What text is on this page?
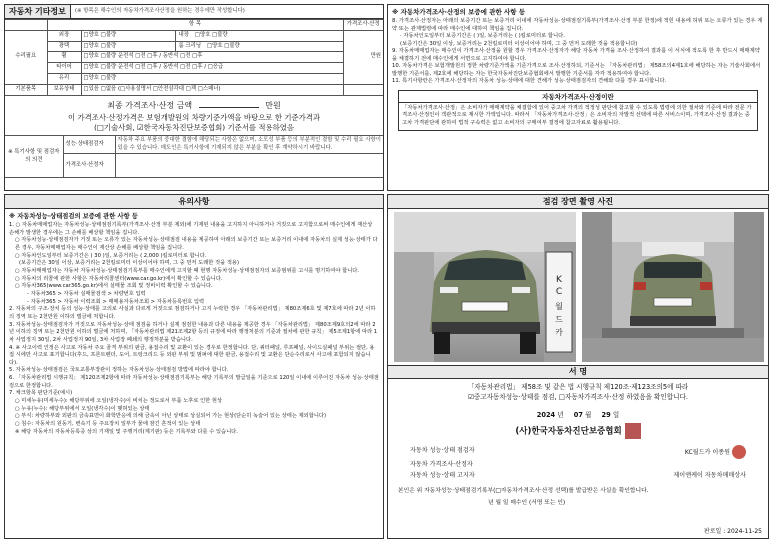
자동차 기타정보	(※ 항목은 해수인의 자동차가격조사산정을 원하는 경우에만 작성합니다)
	항 목			가격조사·산정
수리필요	외장	□양호 □불량	내장 □양호 □불량	만원
	광택	□양호 □불량	룸 크리닝 □양호 □불량	
	휠	□양호 □불량 운전석 □전 □후 / 동반석 □전 □후		
	타이어	□양호 □불량 운전석 □전 □후 / 동반석 □전 □후 / □응급		
	유리	□양호 □불량		
기본품목	보유상태	□있음 □없음 (□사용설명서 □안전삼각대 □잭 □스패너)		
최종 가격조사·산정 금액	만원
이 가격조사·산정가격은 보험개발원의 차량기준가액을 바탕으로 한 기준가격과
(□기술사회, ☑한국자동차진단보증협회) 기준서를 적용하였음
※ 특기사항 및 점검자의 의견	성능·상태점검자	자동차 주요 부품의 중대한 결함에 해당되는 사항은 없으며, 소모성 부품 등의 부분적인 결함 및 수리 필요 사항이 있을 수 있습니다. 매도인은 특기사항에 기재되지 않은 부분을 확인 후 계약하시기 바랍니다.
	가격조사·산정자	
※ 자동차가격조사·산정의 보증에 관한 사항 등
8. 가격조사·산정자는 아래의 보증기간 또는 보증거리 이내에 자동차성능·상태점검기록부(가격조사·산정 부분 한정)에 적힌 내용에 허위 또는 오류가 있는 경우 계약 또는 관계법령에 따라 매수인에 대하여 책임을 집니다.
· 자동차인도일부터 보증기간은 ( )일, 보증거리는 ( )킬로미터로 합니다.
(보증기간은 30일 이상, 보증거리는 2천킬로미터 이상이어야 하며, 그 중 먼저 도래한 것을 적용합니다)
9. 자동차매매업자는 매수인이 가격조사·산정을 원할 경우 가격조사·산정자가 해당 자동차 가격을 조사·산정하여 결과를 이 서식에 적도록 한 후 반드시 매매계약을 체결하기 전에 매수인에게 서면으로 고지하여야 합니다.
10. 자동차가격은 보험개발원의 정한 차량기준가액을 기준가격으로 조사·산정하되, 기준서는 「자동차관리법」 제58조의4제1호에 해당하는 자는 기술사회에서 발행한 기준서를, 제2호에 해당하는 자는 한국자동차진단보증협회에서 발행한 기준서를 각각 적용하여야 합니다.
11. 특기사항란은 가격조사·산정자의 자동차 성능·상태에 대한 견해가 성능·상태점검자의 견해와 다를 경우 표시합니다.
자동차가격조사·산정이란
「자동차가격조사·산정」은 소비자가 매매계약을 체결함에 있어 중고차 가격의 적정성 판단에 참고할 수 있도록 법령에 의한 절차와 기준에 따라 전문 가격조사·산정인이 객관적으로 제시한 가액입니다. 따라서 「자동차가격조사·산정」은 소비자의 자발적 선택에 따른 서비스이며, 가격조사·산정 결과는 중고차 가격판단에 관하여 법적 구속력은 없고 소비자의 구매여부 결정에 참고자료로 활용됩니다.
유의사항
※ 자동차성능·상태점검의 보증에 관한 사항 등
1. ○ 자동차매매업자는 자동차성능·상태점검기록부(가격조사·산정 부분 제외)에 기재된 내용을 고지하지 아니하거나 거짓으로 고지함으로써 매수인에게 재산상 손해가 발생한 경우에는 그 손해를 배상할 책임을 집니다.
○ 자동차성능·상태점검자가 거짓 또는 오류가 있는 자동차성능·상태점검 내용을 제공하여 아래의 보증기간 또는 보증거리 이내에 자동차의 실제 성능·상태가 다른 경우, 자동차매매업자는 매수인이 재산상 손해를 배상할 책임을 집니다.
○ 자동차인도일부터 보증기간은 ( 30 )일, 보증거리는 ( 2,000 )킬로미터로 합니다.
(보증기간은 30일 이상, 보증거리는 2천킬로미터 이상이어야 하며, 그 중 먼저 도래한 것을 적용)
○ 자동차매매업자는 자동차 자동차성능·상태점검기록부를 매수인에게 고지할 때 현행 자동차성능·상태점검자의 보증범위를 고시를 명기하여야 합니다.
○ 자동차의 리콜에 관한 사항은 자동차리콜센터(www.car.go.kr)에서 확인할 수 있습니다.
○ 자동차365(www.car365.go.kr)에서 실매물 조회 및 정비이력 확인할 수 있습니다.
- 자동차365 > 자동차 실매물검색 > 차량번호 입력
- 자동차365 > 자동차 이력조회 > 매매용자동차조회 > 자동차등록번호 입력
2. 자동차의 구조·장치 등의 성능·상태를 고의로 사실과 다르게 거짓으로 점검하거나 고지 누락한 경우 「자동차관리법」 제80조제6호 및 제7호에 따라 2년 이하의 징역 또는 2천만원 이하의 벌금에 처합니다.
3. 자동차성능·상태점검자가 거짓으로 자동차성능·상태 점검을 하거나 실제 점검한 내용과 다른 내용을 제공한 경우 「자동차관리법」 제80조제9호의2에 따라 2년 이하의 징역 또는 2천만원 이하의 벌금에 처하며, 「자동차관리법 제21조제2항 등의 규정에 따라 행정처분의 기준과 절차에 관한 규칙」 제5조제1항에 따라 1차 사업정지 30일, 2차 사업정지 90일, 3차 사업장 폐쇄의 행정처분을 받습니다.
4. ※ 사고이력 인정은 사고로 자동차 주요 골격 부위의 판금, 용접수리 및 교환이 있는 경우로 한정합니다. 단, 쿼터패널, 루프패널, 사이드실패널 부위는 절단, 용접 시에만 사고로 표기합니다(후드, 프론트펜더, 도어, 트렁크리드 등 외판 부위 및 범퍼에 대한 판금, 용접수리 및 교환은 단순수리로서 사고에 포함되지 않습니다).
5. 자동차성능·상태점검은 국토교통부장관이 정하는 자동차성능·상태점검 방법에 따라야 합니다.
6. 「자동차관리법 시행규칙」 제120조제2항에 따라 자동차성능·상태점검기록부는 해당 기록부의 발급일을 기준으로 120일 이내에 이루어진 자동차 성능·상태점검으로 한정합니다.
7. 체크항목 판단기준(예시)
○ 미세누유(미세누수): 해당부위에 오일(냉각수)이 비치는 정도로서 부품 노후로 인한 현상
○ 누유(누수): 해당부위에서 오일(냉각수)이 맺혀있는 상태
○ 부식: 차량하부와 외판의 금속표면이 화학반응에 의해 금속이 아닌 상태로 상실되어 가는 현상(단순히 녹슬어 있는 상태는 제외합니다)
○ 침수: 자동차의 원동기, 변속기 등 주요장치 일부가 물에 잠긴 흔적이 있는 상태
※ 해당 자동차의 자동차등록증 상의 기재일 및 주행거리(계기판) 등은 기록부와 다를 수 있습니다.
점검 장면 촬영 사진
K
C
월
드
카
서 명
「자동차관리법」 제58조 및 같은 법 시행규칙 제120조·제123조의5에 따라
☑중고자동차성능·상태를 점검, □자동차가격조사·산정 하였음을 확인합니다.
2024 년 07 월 29 일
(사)한국자동차진단보증협회
자동차 성능·상태 점검자	KC월드카 이종원
자동차 가격조사·산정자
자동차 성능·상태 고지자	제이앤케이 자동차매매상사
본인은 위 자동차성능·상태점검기록부(□자동차가격조사·산정 선택)를 발급받은 사실을 확인합니다.
년 월 일 매수인 (서명 또는 인)
판로일 : 2024-11-25
